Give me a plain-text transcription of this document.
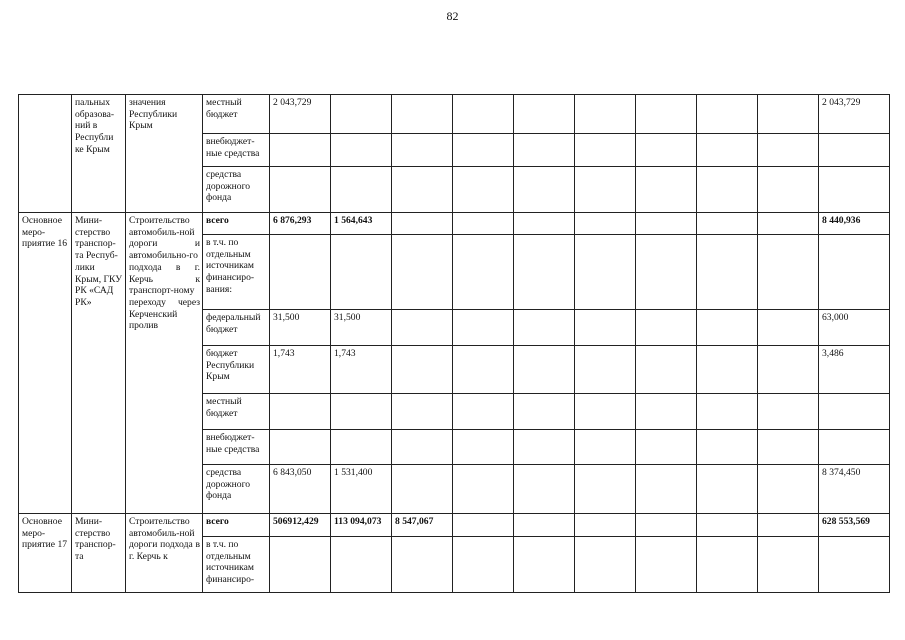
82
	пальных образова-ний в Республи ке Крым	значения Республики Крым	местный бюджет	2 043,729									2 043,729
			внебюджет-ные средства										
			средства дорожного фонда										
Основное меро-приятие 16	Мини-стерство транспор-та Респуб-лики Крым, ГКУ РК «САД РК»	Строительство автомобиль-ной дороги и автомобильно-го подхода в г. Керчь к транспорт-ному переходу через Керченский пролив	всего	6 876,293	1 564,643								8 440,936
			в т.ч. по отдельным источникам финансиро-вания:										
			федеральный бюджет	31,500	31,500								63,000
			бюджет Республики Крым	1,743	1,743								3,486
			местный бюджет										
			внебюджет-ные средства										
			средства дорожного фонда	6 843,050	1 531,400								8 374,450
Основное меро-приятие 17	Мини-стерство транспор-та	Строительство автомобиль-ной дороги подхода в г. Керчь к	всего	506912,429	113 094,073	8 547,067							628 553,569
			в т.ч. по отдельным источникам финансиро-										
